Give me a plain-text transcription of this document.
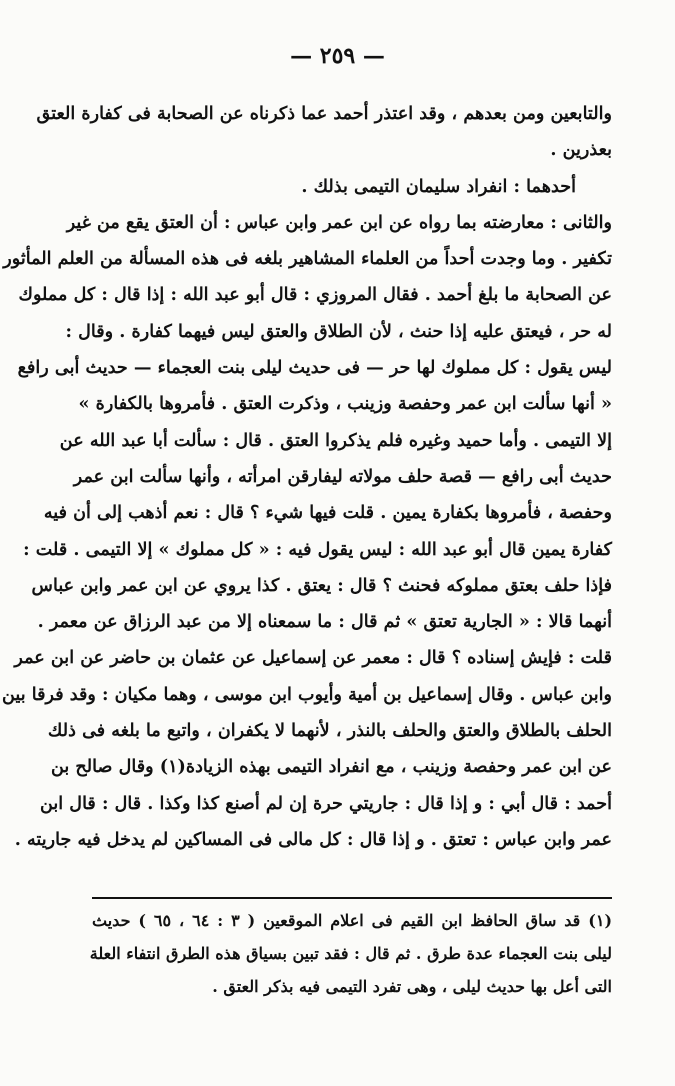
— ٢٥٩ —
والتابعين ومن بعدهم ، وقد اعتذر أحمد عما ذكرناه عن الصحابة فى كفارة العتق
بعذرين .
أحدهما : انفراد سليمان التيمى بذلك .
والثانى : معارضته بما رواه عن ابن عمر وابن عباس : أن العتق يقع من غير
تكفير . وما وجدت أحداً من العلماء المشاهير بلغه فى هذه المسألة من العلم المأثور
عن الصحابة ما بلغ أحمد . فقال المروزي : قال أبو عبد الله : إذا قال : كل مملوك
له حر ، فيعتق عليه إذا حنث ، لأن الطلاق والعتق ليس فيهما كفارة . وقال :
ليس يقول : كل مملوك لها حر — فى حديث ليلى بنت العجماء — حديث أبى رافع
« أنها سألت ابن عمر وحفصة وزينب ، وذكرت العتق . فأمروها بالكفارة »
إلا التيمى . وأما حميد وغيره فلم يذكروا العتق . قال : سألت أبا عبد الله عن
حديث أبى رافع — قصة حلف مولاته ليفارقن امرأته ، وأنها سألت ابن عمر
وحفصة ، فأمروها بكفارة يمين . قلت فيها شيء ؟ قال : نعم أذهب إلى أن فيه
كفارة يمين قال أبو عبد الله : ليس يقول فيه : « كل مملوك » إلا التيمى . قلت :
فإذا حلف بعتق مملوكه فحنث ؟ قال : يعتق . كذا يروي عن ابن عمر وابن عباس
أنهما قالا : « الجارية تعتق » ثم قال : ما سمعناه إلا من عبد الرزاق عن معمر .
قلت : فإيش إسناده ؟ قال : معمر عن إسماعيل عن عثمان بن حاضر عن ابن عمر
وابن عباس . وقال إسماعيل بن أمية وأيوب ابن موسى ، وهما مكيان : وقد فرقا بين
الحلف بالطلاق والعتق والحلف بالنذر ، لأنهما لا يكفران ، واتبع ما بلغه فى ذلك
عن ابن عمر وحفصة وزينب ، مع انفراد التيمى بهذه الزيادة(١) وقال صالح بن
أحمد : قال أبي : و إذا قال : جاريتي حرة إن لم أصنع كذا وكذا . قال : قال ابن
عمر وابن عباس : تعتق . و إذا قال : كل مالى فى المساكين لم يدخل فيه جاريته .
(١) قد ساق الحافظ ابن القيم فى اعلام الموقعين ( ٣ : ٦٤ ، ٦٥ ) حديث
ليلى بنت العجماء عدة طرق . ثم قال : فقد تبين بسياق هذه الطرق انتفاء العلة
التى أعل بها حديث ليلى ، وهى تفرد التيمى فيه بذكر العتق .
